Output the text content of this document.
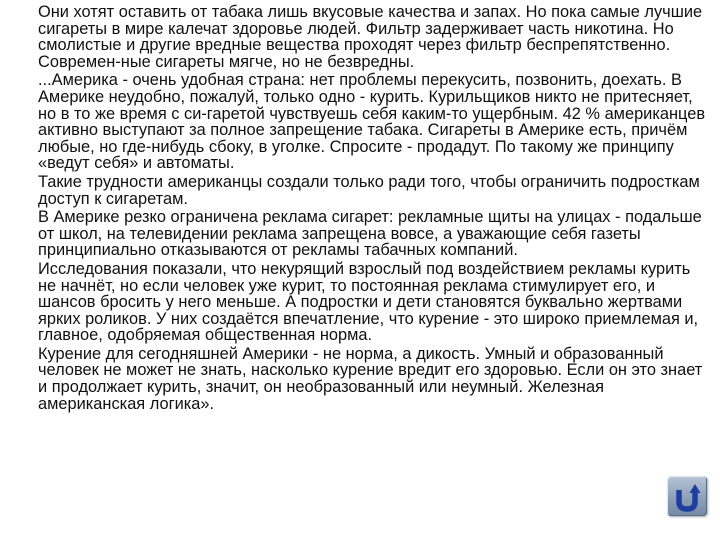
Они хотят оставить от табака лишь вкусовые качества и запах. Но пока самые лучшие сигареты в мире калечат здоровье людей. Фильтр задерживает часть никотина. Но смолистые и другие вредные вещества проходят через фильтр беспрепятственно. Современ-ные сигареты мягче, но не безвредны.

...Америка - очень удобная страна: нет проблемы перекусить, позвонить, доехать. В Америке неудобно, пожалуй, только одно - курить. Курильщиков никто не притесняет, но в то же время с си-гаретой чувствуешь себя каким-то ущербным. 42 % американцев активно выступают за полное запрещение табака. Сигареты в Америке есть, причём любые, но где-нибудь сбоку, в уголке. Спросите - продадут. По такому же принципу «ведут себя» и автоматы.

Такие трудности американцы создали только ради того, чтобы ограничить подросткам доступ к сигаретам.

В Америке резко ограничена реклама сигарет: рекламные щиты на улицах - подальше от школ, на телевидении реклама запрещена вовсе, а уважающие себя газеты принципиально отказываются от рекламы табачных компаний.

Исследования показали, что некурящий взрослый под воздействием рекламы курить не начнёт, но если человек уже курит, то постоянная реклама стимулирует его, и шансов бросить у него меньше. А подростки и дети становятся буквально жертвами ярких роликов. У них создаётся впечатление, что курение - это широко приемлемая и, главное, одобряемая общественная норма.

Курение для сегодняшней Америки - не норма, а дикость. Умный и образованный человек не может не знать, насколько курение вредит его здоровью. Если он это знает и продолжает курить, значит, он необразованный или неумный. Железная американская логика».
